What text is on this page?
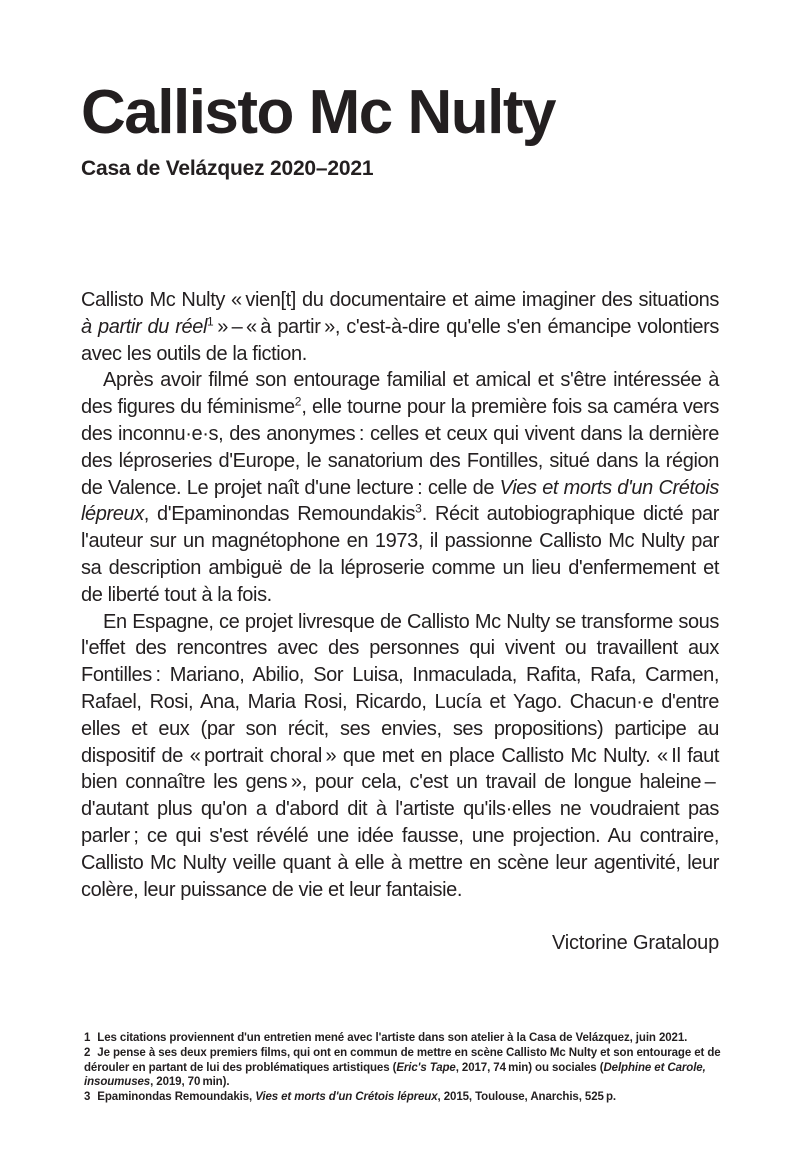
Callisto Mc Nulty
Casa de Velázquez 2020–2021

Callisto Mc Nulty « vien[t] du documentaire et aime imaginer des situations à partir du réel$^1$ » – « à partir », c'est-à-dire qu'elle s'en émancipe volontiers avec les outils de la fiction.

Après avoir filmé son entourage familial et amical et s'être intéressée à des figures du féminisme$^2$, elle tourne pour la première fois sa caméra vers des inconnu·e·s, des anonymes : celles et ceux qui vivent dans la dernière des léproseries d'Europe, le sanatorium des Fontilles, situé dans la région de Valence. Le projet naît d'une lecture : celle de Vies et morts d'un Crétois lépreux, d'Epaminondas Remoundakis$^3$. Récit autobiographique dicté par l'auteur sur un magnétophone en 1973, il passionne Callisto Mc Nulty par sa description ambiguë de la léproserie comme un lieu d'enfermement et de liberté tout à la fois.

En Espagne, ce projet livresque de Callisto Mc Nulty se transforme sous l'effet des rencontres avec des personnes qui vivent ou travaillent aux Fontilles : Mariano, Abilio, Sor Luisa, Inmaculada, Rafita, Rafa, Carmen, Rafael, Rosi, Ana, Maria Rosi, Ricardo, Lucía et Yago. Chacun·e d'entre elles et eux (par son récit, ses envies, ses propositions) participe au dispositif de « portrait choral » que met en place Callisto Mc Nulty. « Il faut bien connaître les gens », pour cela, c'est un travail de longue haleine – d'autant plus qu'on a d'abord dit à l'artiste qu'ils·elles ne voudraient pas parler ; ce qui s'est révélé une idée fausse, une projection. Au contraire, Callisto Mc Nulty veille quant à elle à mettre en scène leur agentivité, leur colère, leur puissance de vie et leur fantaisie.

Victorine Grataloup

1 Les citations proviennent d'un entretien mené avec l'artiste dans son atelier à la Casa de Velázquez, juin 2021.

2 Je pense à ses deux premiers films, qui ont en commun de mettre en scène Callisto Mc Nulty et son entourage et de dérouler en partant de lui des problématiques artistiques (Eric's Tape, 2017, 74 min) ou sociales (Delphine et Carole, insoumuses, 2019, 70 min).

3 Epaminondas Remoundakis, Vies et morts d'un Crétois lépreux, 2015, Toulouse, Anarchis, 525 p.
